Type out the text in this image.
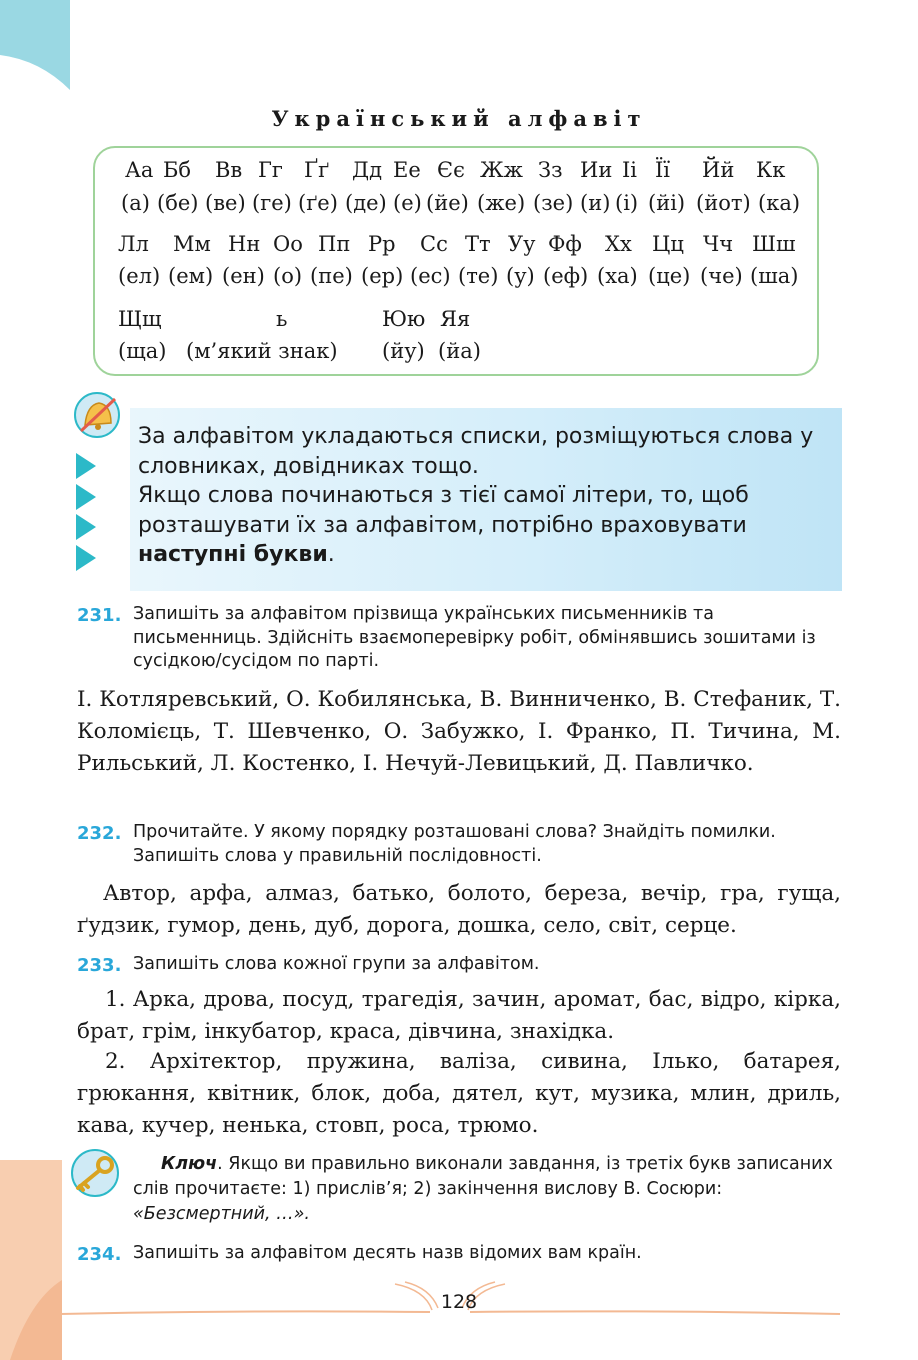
Український алфавіт
Аа Бб Вв Гг Ґґ Дд Ее Єє Жж Зз Ии Іі Її Йй Кк
(а) (бе) (ве) (ге) (ґе) (де) (е) (йе) (же) (зе) (и) (і) (йі) (йот) (ка)
Лл Мм Нн Оо Пп Рр Сс Тт Уу Фф Хх Цц Чч Шш
(ел) (ем) (ен) (о) (пе) (ер) (ес) (те) (у) (еф) (ха) (це) (че) (ша)
Щщ	ь	Юю Яя
(ща) (м’який знак) (йу) (йа)
За алфавітом укладаються списки, розміщуються слова у словниках, довідниках тощо.
Якщо слова починаються з тієї самої літери, то, щоб розташувати їх за алфавітом, потрібно враховувати наступні букви.
231. Запишіть за алфавітом прізвища українських письменників та письменниць. Здійсніть взаємоперевірку робіт, обмінявшись зошитами із сусідкою/сусідом по парті.
І. Котляревський, О. Кобилянська, В. Винниченко, В. Стефаник, Т. Коломієць, Т. Шевченко, О. Забужко, І. Франко, П. Тичина, М. Рильський, Л. Костенко, І. Нечуй-Левицький, Д. Павличко.
232. Прочитайте. У якому порядку розташовані слова? Знайдіть помилки. Запишіть слова у правильній послідовності.
Автор, арфа, алмаз, батько, болото, береза, вечір, гра, гуща, ґудзик, гумор, день, дуб, дорога, дошка, село, світ, серце.
233. Запишіть слова кожної групи за алфавітом.
1. Арка, дрова, посуд, трагедія, зачин, аромат, бас, відро, кірка, брат, грім, інкубатор, краса, дівчина, знахідка.
2. Архітектор, пружина, валіза, сивина, Ілько, батарея, грюкання, квітник, блок, доба, дятел, кут, музика, млин, дриль, кава, кучер, ненька, стовп, роса, трюмо.
Ключ. Якщо ви правильно виконали завдання, із третіх букв записаних слів прочитаєте: 1) прислів’я; 2) закінчення вислову В. Сосюри: «Безсмертний, …».
234. Запишіть за алфавітом десять назв відомих вам країн.
128
